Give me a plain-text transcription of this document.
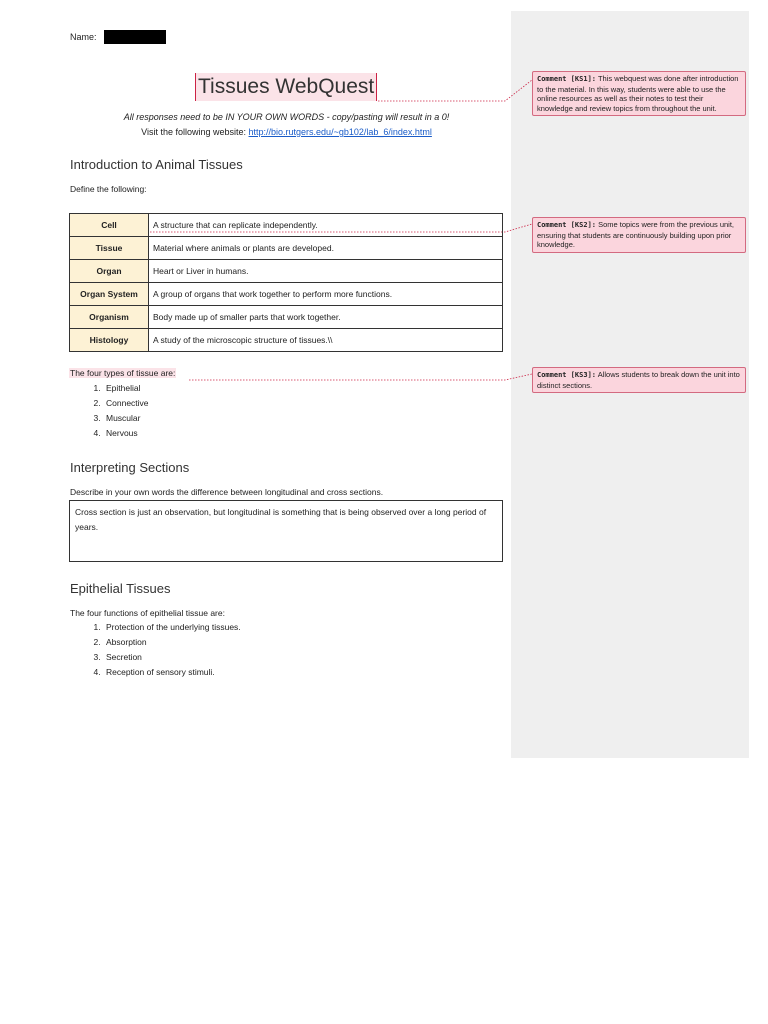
Name:
Tissues WebQuest
All responses need to be IN YOUR OWN WORDS - copy/pasting will result in a 0!
Visit the following website: http://bio.rutgers.edu/~gb102/lab_6/index.html
Introduction to Animal Tissues
Define the following:
Cell	A structure that can replicate independently.
Tissue	Material where animals or plants are developed.
Organ	Heart or Liver in humans.
Organ System	A group of organs that work together to perform more functions.
Organism	Body made up of smaller parts that work together.
Histology	A study of the microscopic structure of tissues.\\
The four types of tissue are:
1. Epithelial
2. Connective
3. Muscular
4. Nervous
Interpreting Sections
Describe in your own words the difference between longitudinal and cross sections.
Cross section is just an observation, but longitudinal is something that is being observed over a long period of years.
Epithelial Tissues
The four functions of epithelial tissue are:
1. Protection of the underlying tissues.
2. Absorption
3. Secretion
4. Reception of sensory stimuli.
Comment [KS1]: This webquest was done after introduction to the material. In this way, students were able to use the online resources as well as their notes to test their knowledge and review topics from throughout the unit.
Comment [KS2]: Some topics were from the previous unit, ensuring that students are continuously building upon prior knowledge.
Comment [KS3]: Allows students to break down the unit into distinct sections.
